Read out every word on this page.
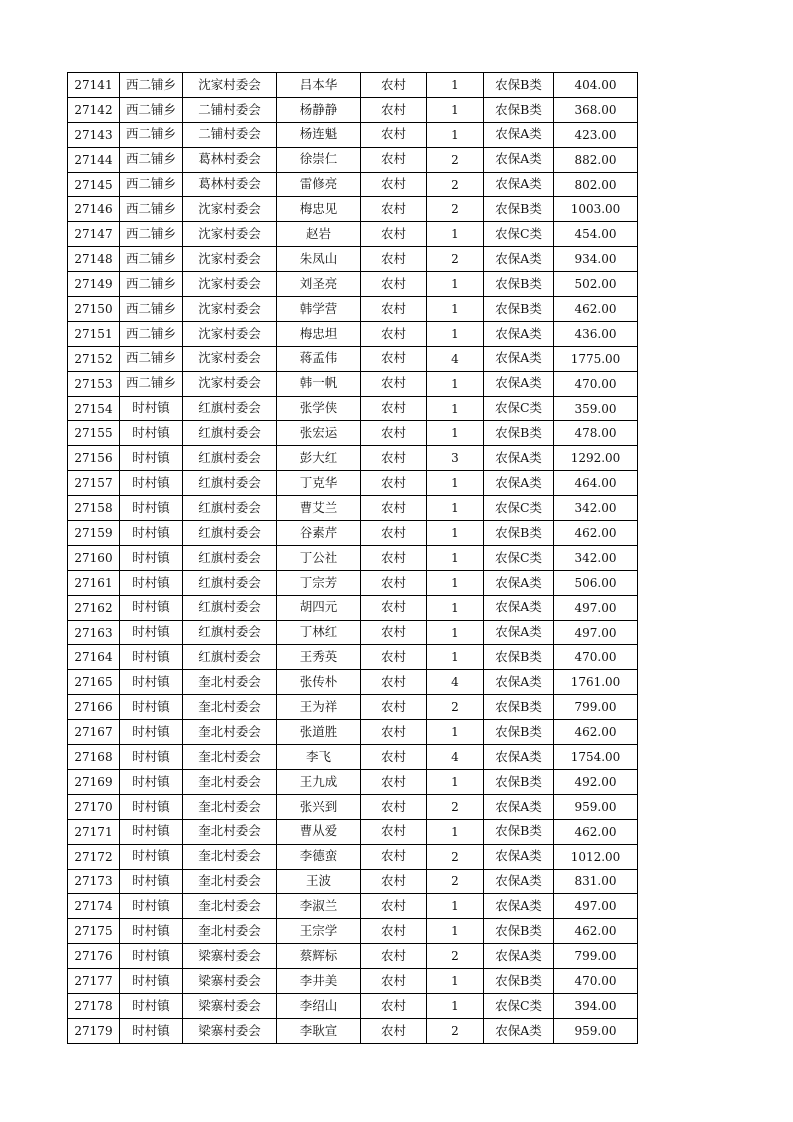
27141	西二铺乡	沈家村委会	吕本华	农村	1	农保B类	404.00
27142	西二铺乡	二铺村委会	杨静静	农村	1	农保B类	368.00
27143	西二铺乡	二铺村委会	杨连魁	农村	1	农保A类	423.00
27144	西二铺乡	葛林村委会	徐崇仁	农村	2	农保A类	882.00
27145	西二铺乡	葛林村委会	雷修亮	农村	2	农保A类	802.00
27146	西二铺乡	沈家村委会	梅忠见	农村	2	农保B类	1003.00
27147	西二铺乡	沈家村委会	赵岩	农村	1	农保C类	454.00
27148	西二铺乡	沈家村委会	朱凤山	农村	2	农保A类	934.00
27149	西二铺乡	沈家村委会	刘圣亮	农村	1	农保B类	502.00
27150	西二铺乡	沈家村委会	韩学营	农村	1	农保B类	462.00
27151	西二铺乡	沈家村委会	梅忠坦	农村	1	农保A类	436.00
27152	西二铺乡	沈家村委会	蒋孟伟	农村	4	农保A类	1775.00
27153	西二铺乡	沈家村委会	韩一帆	农村	1	农保A类	470.00
27154	时村镇	红旗村委会	张学侠	农村	1	农保C类	359.00
27155	时村镇	红旗村委会	张宏运	农村	1	农保B类	478.00
27156	时村镇	红旗村委会	彭大红	农村	3	农保A类	1292.00
27157	时村镇	红旗村委会	丁克华	农村	1	农保A类	464.00
27158	时村镇	红旗村委会	曹艾兰	农村	1	农保C类	342.00
27159	时村镇	红旗村委会	谷素芹	农村	1	农保B类	462.00
27160	时村镇	红旗村委会	丁公社	农村	1	农保C类	342.00
27161	时村镇	红旗村委会	丁宗芳	农村	1	农保A类	506.00
27162	时村镇	红旗村委会	胡四元	农村	1	农保A类	497.00
27163	时村镇	红旗村委会	丁林红	农村	1	农保A类	497.00
27164	时村镇	红旗村委会	王秀英	农村	1	农保B类	470.00
27165	时村镇	奎北村委会	张传朴	农村	4	农保A类	1761.00
27166	时村镇	奎北村委会	王为祥	农村	2	农保B类	799.00
27167	时村镇	奎北村委会	张道胜	农村	1	农保B类	462.00
27168	时村镇	奎北村委会	李飞	农村	4	农保A类	1754.00
27169	时村镇	奎北村委会	王九成	农村	1	农保B类	492.00
27170	时村镇	奎北村委会	张兴到	农村	2	农保A类	959.00
27171	时村镇	奎北村委会	曹从爱	农村	1	农保B类	462.00
27172	时村镇	奎北村委会	李德蛮	农村	2	农保A类	1012.00
27173	时村镇	奎北村委会	王波	农村	2	农保A类	831.00
27174	时村镇	奎北村委会	李淑兰	农村	1	农保A类	497.00
27175	时村镇	奎北村委会	王宗学	农村	1	农保B类	462.00
27176	时村镇	梁寨村委会	蔡辉标	农村	2	农保A类	799.00
27177	时村镇	梁寨村委会	李井美	农村	1	农保B类	470.00
27178	时村镇	梁寨村委会	李绍山	农村	1	农保C类	394.00
27179	时村镇	梁寨村委会	李耿宣	农村	2	农保A类	959.00
